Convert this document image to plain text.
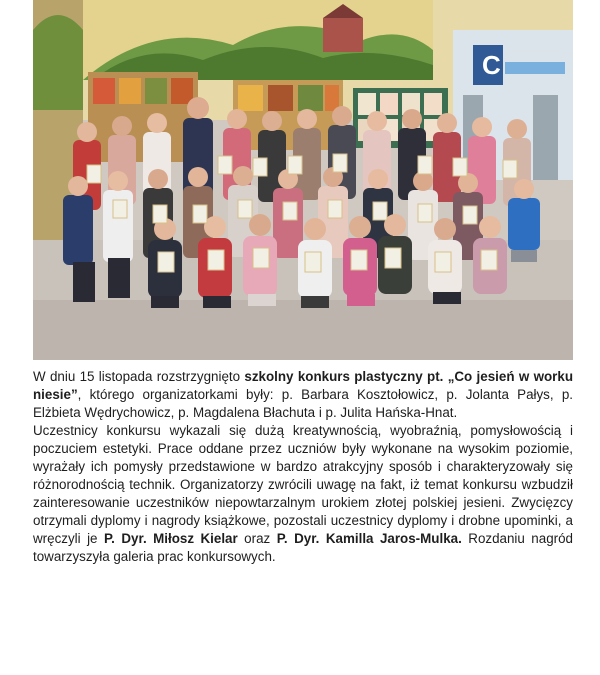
C

W dniu 15 listopada rozstrzygnięto szkolny konkurs plastyczny pt. „Co jesień w worku niesie”, którego organizatorkami były: p. Barbara Kosztołowicz, p. Jolanta Pałys, p. Elżbieta Wędrychowicz, p. Magdalena Błachuta i p. Julita Hańska-Hnat.

Uczestnicy konkursu wykazali się dużą kreatywnością, wyobraźnią, pomysłowością i poczuciem estetyki. Prace oddane przez uczniów były wykonane na wysokim poziomie, wyrażały ich pomysły przedstawione w bardzo atrakcyjny sposób i charakteryzowały się różnorodnością technik. Organizatorzy zwrócili uwagę na fakt, iż temat konkursu wzbudził zainteresowanie uczestników niepowtarzalnym urokiem złotej polskiej jesieni. Zwycięzcy otrzymali dyplomy i nagrody książkowe, pozostali uczestnicy dyplomy i drobne upominki, a wręczyli je P. Dyr. Miłosz Kielar oraz P. Dyr. Kamilla Jaros-Mulka. Rozdaniu nagród towarzyszyła galeria prac konkursowych.
